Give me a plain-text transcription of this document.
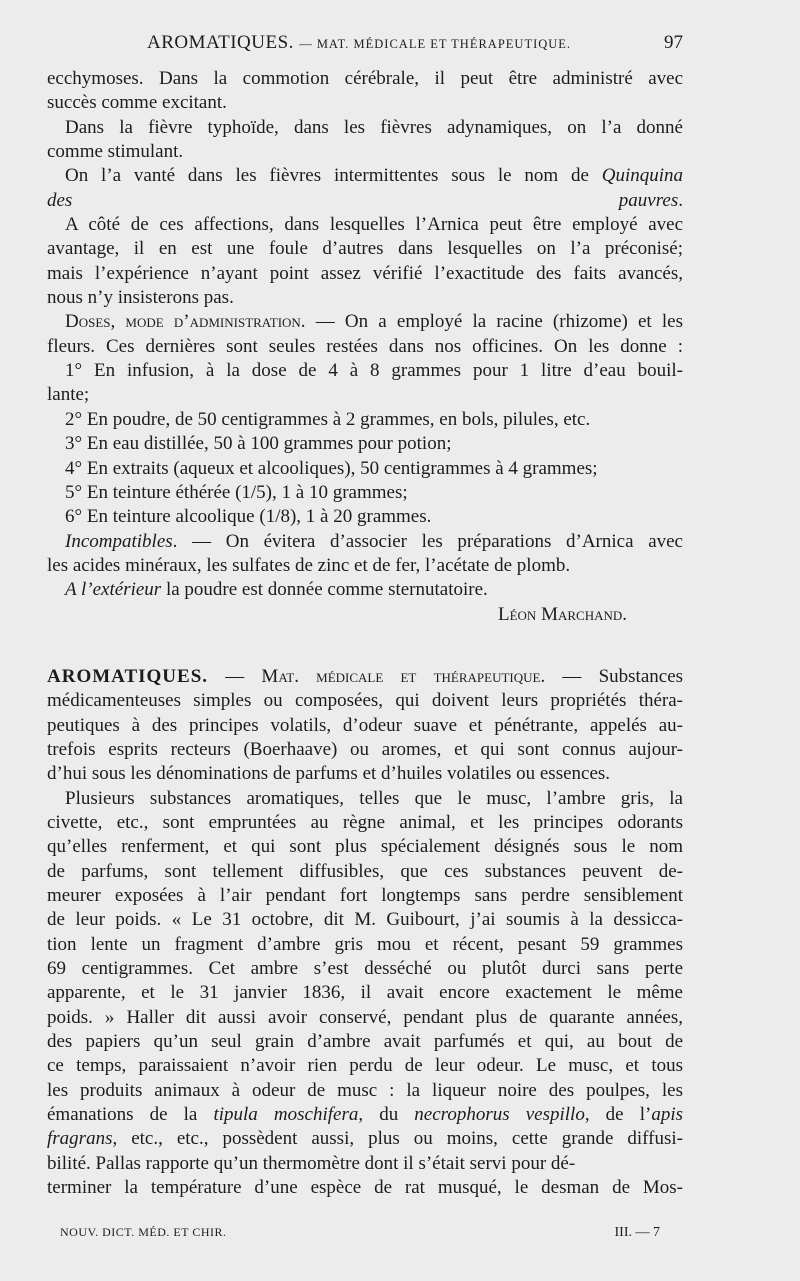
AROMATIQUES. — MAT. MÉDICALE ET THÉRAPEUTIQUE.	97
ecchymoses. Dans la commotion cérébrale, il peut être administré avec
succès comme excitant.
Dans la fièvre typhoïde, dans les fièvres adynamiques, on l’a donné
comme stimulant.
On l’a vanté dans les fièvres intermittentes sous le nom de Quinquina
des pauvres.
A côté de ces affections, dans lesquelles l’Arnica peut être employé avec
avantage, il en est une foule d’autres dans lesquelles on l’a préconisé;
mais l’expérience n’ayant point assez vérifié l’exactitude des faits avancés,
nous n’y insisterons pas.
Doses, mode d’administration. — On a employé la racine (rhizome) et les
fleurs. Ces dernières sont seules restées dans nos officines. On les donne :
1° En infusion, à la dose de 4 à 8 grammes pour 1 litre d’eau bouil-
lante;
2° En poudre, de 50 centigrammes à 2 grammes, en bols, pilules, etc.
3° En eau distillée, 50 à 100 grammes pour potion;
4° En extraits (aqueux et alcooliques), 50 centigrammes à 4 grammes;
5° En teinture éthérée (1/5), 1 à 10 grammes;
6° En teinture alcoolique (1/8), 1 à 20 grammes.
Incompatibles. — On évitera d’associer les préparations d’Arnica avec
les acides minéraux, les sulfates de zinc et de fer, l’acétate de plomb.
A l’extérieur la poudre est donnée comme sternutatoire.
Léon Marchand.
AROMATIQUES. — Mat. médicale et thérapeutique. — Substances
médicamenteuses simples ou composées, qui doivent leurs propriétés théra-
peutiques à des principes volatils, d’odeur suave et pénétrante, appelés au-
trefois esprits recteurs (Boerhaave) ou aromes, et qui sont connus aujour-
d’hui sous les dénominations de parfums et d’huiles volatiles ou essences.
Plusieurs substances aromatiques, telles que le musc, l’ambre gris, la
civette, etc., sont empruntées au règne animal, et les principes odorants
qu’elles renferment, et qui sont plus spécialement désignés sous le nom
de parfums, sont tellement diffusibles, que ces substances peuvent de-
meurer exposées à l’air pendant fort longtemps sans perdre sensiblement
de leur poids. « Le 31 octobre, dit M. Guibourt, j’ai soumis à la dessicca-
tion lente un fragment d’ambre gris mou et récent, pesant 59 grammes
69 centigrammes. Cet ambre s’est desséché ou plutôt durci sans perte
apparente, et le 31 janvier 1836, il avait encore exactement le même
poids. » Haller dit aussi avoir conservé, pendant plus de quarante années,
des papiers qu’un seul grain d’ambre avait parfumés et qui, au bout de
ce temps, paraissaient n’avoir rien perdu de leur odeur. Le musc, et tous
les produits animaux à odeur de musc : la liqueur noire des poulpes, les
émanations de la tipula moschifera, du necrophorus vespillo, de l’apis
fragrans, etc., etc., possèdent aussi, plus ou moins, cette grande diffusi-
bilité. Pallas rapporte qu’un thermomètre dont il s’était servi pour dé-
terminer la température d’une espèce de rat musqué, le desman de Mos-
NOUV. DICT. MÉD. ET CHIR.	III. — 7
